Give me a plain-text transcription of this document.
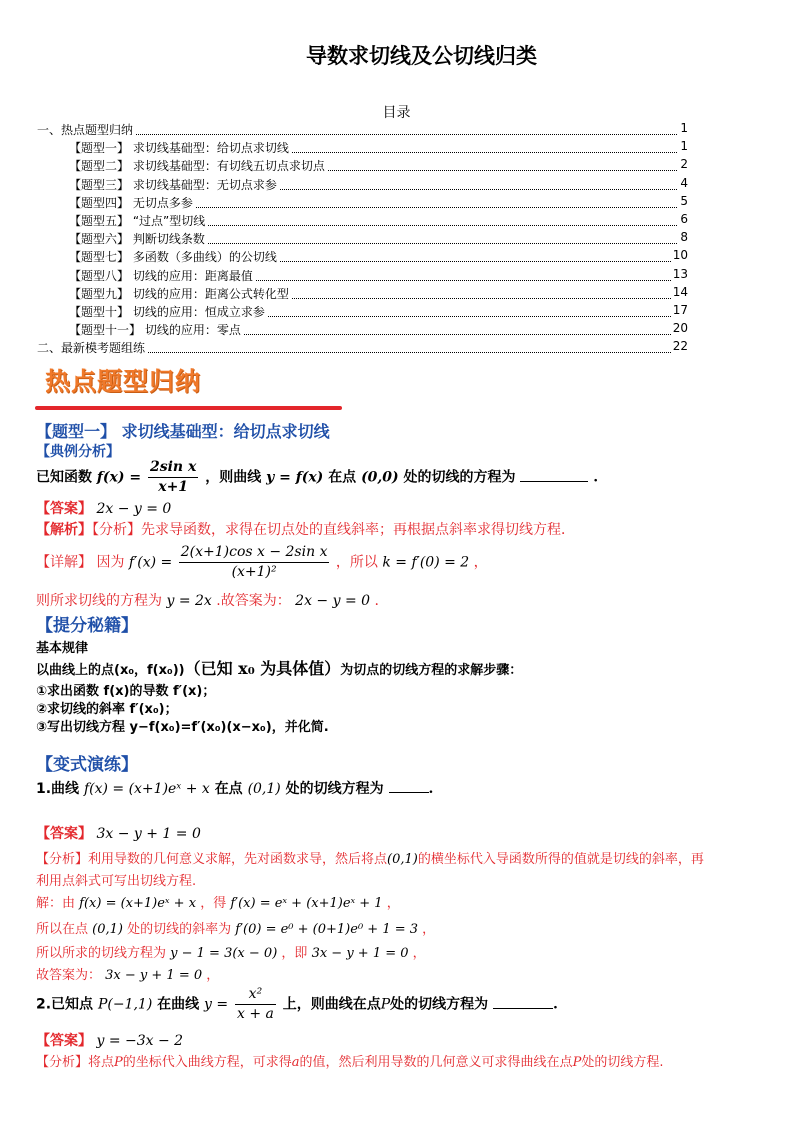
导数求切线及公切线归类
目录
一、热点题型归纳	1
【题型一】 求切线基础型：给切点求切线	1
【题型二】 求切线基础型：有切线五切点求切点	2
【题型三】 求切线基础型：无切点求参	4
【题型四】 无切点多参	5
【题型五】 “过点”型切线	6
【题型六】 判断切线条数	8
【题型七】 多函数（多曲线）的公切线	10
【题型八】 切线的应用：距离最值	13
【题型九】 切线的应用：距离公式转化型	14
【题型十】 切线的应用：恒成立求参	17
【题型十一】 切线的应用：零点	20
二、最新模考题组练	22
热点题型归纳
【题型一】 求切线基础型：给切点求切线
【典例分析】
已知函数 $f(x) = \frac{\text{2sin x}}{x+1}$ ，则曲线 y = f(x) 在点 (0,0) 处的切线的方程为	.
【答案】 2x − y = 0
【解析】【分析】先求导函数，求得在切点处的直线斜率；再根据点斜率求得切线方程．
【详解】 因为 $f'(x) = \frac{\text{2(x+1)cos x − 2sin x}}{\text{(x+1)²}}$ ，所以 k = f′(0) = 2 ，
则所求切线的方程为 y = 2x .故答案为： 2x − y = 0 .
【提分秘籍】
基本规律
以曲线上的点(x₀，f(x₀))（已知 x₀ 为具体值）为切点的切线方程的求解步骤：
①求出函数 f(x)的导数 f′(x)；
②求切线的斜率 f′(x₀)；
③写出切线方程 y−f(x₀)=f′(x₀)(x−x₀)，并化简.
【变式演练】
1.曲线 f(x) = (x+1)eˣ + x 在点 (0,1) 处的切线方程为	.
【答案】 3x − y + 1 = 0
【分析】利用导数的几何意义求解，先对函数求导，然后将点(0,1)的横坐标代入导函数所得的值就是切线的斜率，再
利用点斜式可写出切线方程.
解：由 f(x) = (x+1)eˣ + x ，得 f′(x) = eˣ + (x+1)eˣ + 1 ，
所以在点 (0,1) 处的切线的斜率为 f′(0) = e⁰ + (0+1)e⁰ + 1 = 3 ，
所以所求的切线方程为 y − 1 = 3(x − 0) ，即 3x − y + 1 = 0 ，
故答案为： 3x − y + 1 = 0 ，
2.已知点 P(−1,1) 在曲线 $y = \frac{\text{x²}}{x + a}$ 上，则曲线在点P处的切线方程为	.
【答案】 y = −3x − 2
【分析】将点P的坐标代入曲线方程，可求得a的值，然后利用导数的几何意义可求得曲线在点P处的切线方程.
